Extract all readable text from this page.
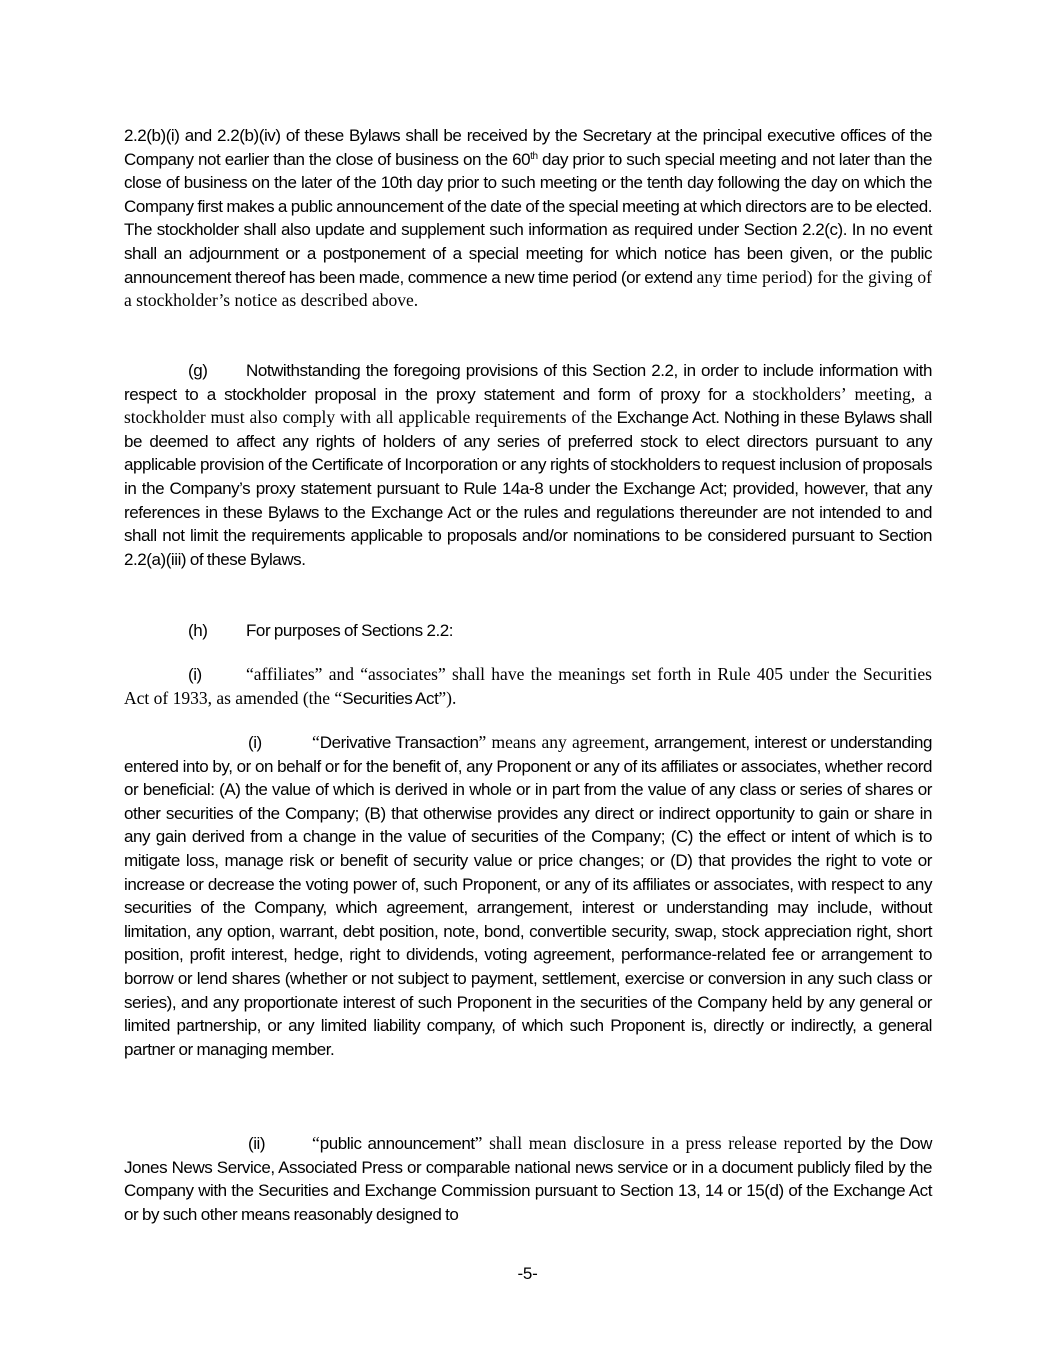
2.2(b)(i) and 2.2(b)(iv) of these Bylaws shall be received by the Secretary at the principal executive offices of the Company not earlier than the close of business on the 60th day prior to such special meeting and not later than the close of business on the later of the 10th day prior to such meeting or the tenth day following the day on which the Company first makes a public announcement of the date of the special meeting at which directors are to be elected. The stockholder shall also update and supplement such information as required under Section 2.2(c). In no event shall an adjournment or a postponement of a special meeting for which notice has been given, or the public announcement thereof has been made, commence a new time period (or extend any time period) for the giving of a stockholder’s notice as described above.

(g) Notwithstanding the foregoing provisions of this Section 2.2, in order to include information with respect to a stockholder proposal in the proxy statement and form of proxy for a stockholders’ meeting, a stockholder must also comply with all applicable requirements of the Exchange Act. Nothing in these Bylaws shall be deemed to affect any rights of holders of any series of preferred stock to elect directors pursuant to any applicable provision of the Certificate of Incorporation or any rights of stockholders to request inclusion of proposals in the Company’s proxy statement pursuant to Rule 14a-8 under the Exchange Act; provided, however, that any references in these Bylaws to the Exchange Act or the rules and regulations thereunder are not intended to and shall not limit the requirements applicable to proposals and/or nominations to be considered pursuant to Section 2.2(a)(iii) of these Bylaws.

(h) For purposes of Sections 2.2:

(i)	“affiliates” and “associates” shall have the meanings set forth in Rule 405 under the Securities Act of 1933, as amended (the “Securities Act”).

(i)	“Derivative Transaction” means any agreement, arrangement, interest or understanding entered into by, or on behalf or for the benefit of, any Proponent or any of its affiliates or associates, whether record or beneficial: (A) the value of which is derived in whole or in part from the value of any class or series of shares or other securities of the Company; (B) that otherwise provides any direct or indirect opportunity to gain or share in any gain derived from a change in the value of securities of the Company; (C) the effect or intent of which is to mitigate loss, manage risk or benefit of security value or price changes; or (D) that provides the right to vote or increase or decrease the voting power of, such Proponent, or any of its affiliates or associates, with respect to any securities of the Company, which agreement, arrangement, interest or understanding may include, without limitation, any option, warrant, debt position, note, bond, convertible security, swap, stock appreciation right, short position, profit interest, hedge, right to dividends, voting agreement, performance-related fee or arrangement to borrow or lend shares (whether or not subject to payment, settlement, exercise or conversion in any such class or series), and any proportionate interest of such Proponent in the securities of the Company held by any general or limited partnership, or any limited liability company, of which such Proponent is, directly or indirectly, a general partner or managing member.

(ii)	“public announcement” shall mean disclosure in a press release reported by the Dow Jones News Service, Associated Press or comparable national news service or in a document publicly filed by the Company with the Securities and Exchange Commission pursuant to Section 13, 14 or 15(d) of the Exchange Act or by such other means reasonably designed to

-5-
